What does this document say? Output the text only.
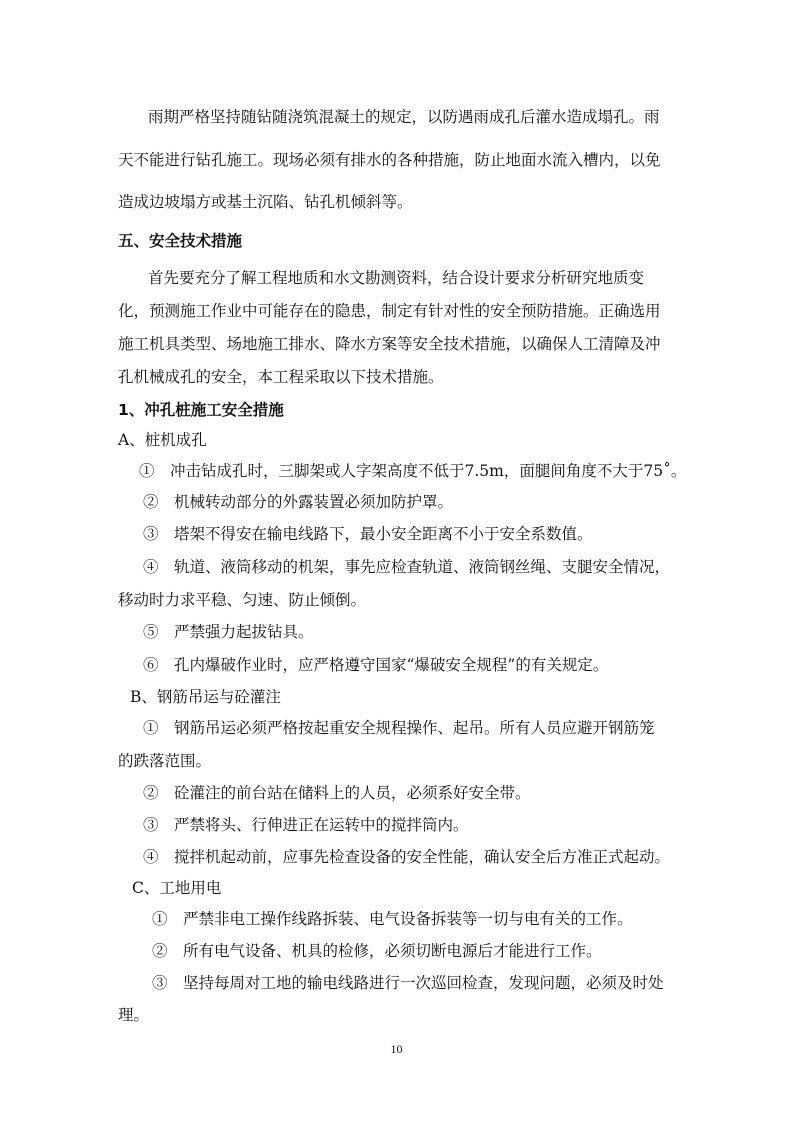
雨期严格坚持随钻随浇筑混凝土的规定，以防遇雨成孔后灌水造成塌孔。雨
天不能进行钻孔施工。现场必须有排水的各种措施，防止地面水流入槽内，以免
造成边坡塌方或基土沉陷、钻孔机倾斜等。
五、安全技术措施
首先要充分了解工程地质和水文勘测资料，结合设计要求分析研究地质变
化，预测施工作业中可能存在的隐患，制定有针对性的安全预防措施。正确选用
施工机具类型、场地施工排水、降水方案等安全技术措施，以确保人工清障及冲
孔机械成孔的安全，本工程采取以下技术措施。
1、冲孔桩施工安全措施
A、桩机成孔
①　冲击钻成孔时，三脚架或人字架高度不低于7.5m，面腿间角度不大于75˚。
②　机械转动部分的外露装置必须加防护罩。
③　塔架不得安在输电线路下，最小安全距离不小于安全系数值。
④　轨道、液筒移动的机架，事先应检查轨道、液筒钢丝绳、支腿安全情况，
移动时力求平稳、匀速、防止倾倒。
⑤　严禁强力起拔钻具。
⑥　孔内爆破作业时，应严格遵守国家“爆破安全规程”的有关规定。
B、钢筋吊运与砼灌注
①　钢筋吊运必须严格按起重安全规程操作、起吊。所有人员应避开钢筋笼
的跌落范围。
②　砼灌注的前台站在储料上的人员，必须系好安全带。
③　严禁将头、行伸进正在运转中的搅拌筒内。
④　搅拌机起动前，应事先检查设备的安全性能，确认安全后方准正式起动。
C、工地用电
①　严禁非电工操作线路拆装、电气设备拆装等一切与电有关的工作。
②　所有电气设备、机具的检修，必须切断电源后才能进行工作。
③　坚持每周对工地的输电线路进行一次巡回检查，发现问题，必须及时处
理。
10
